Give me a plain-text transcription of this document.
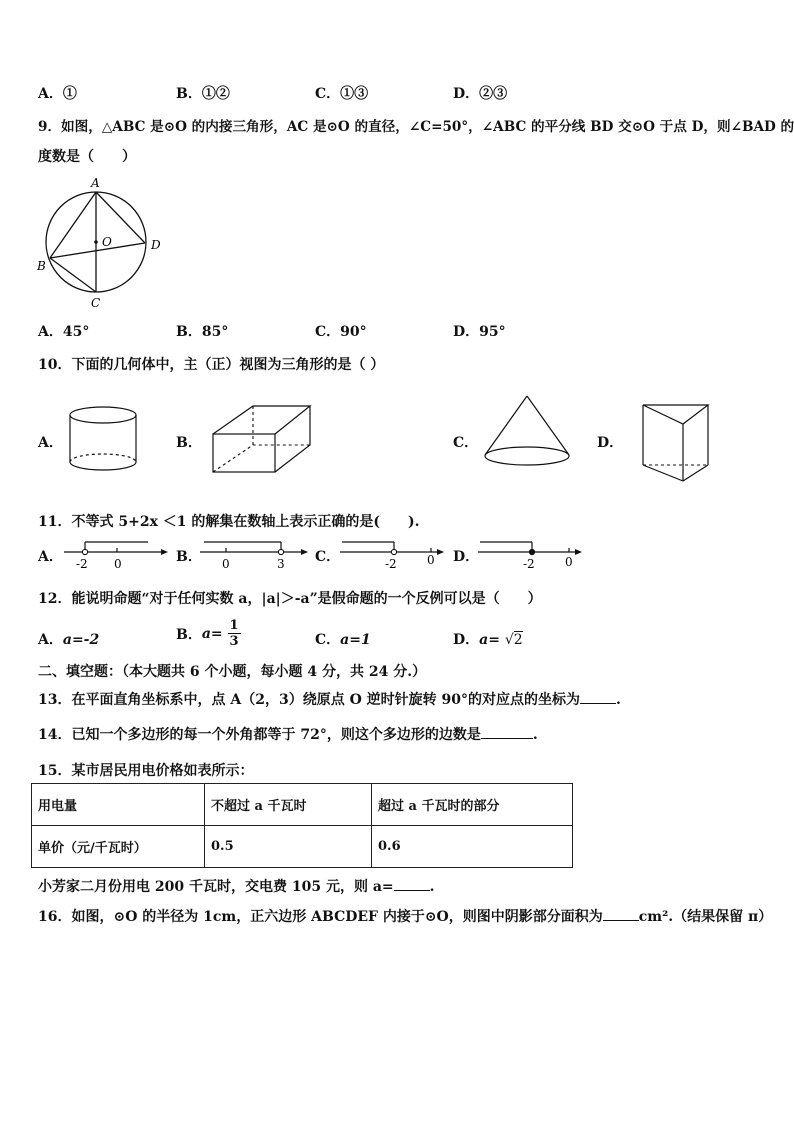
A．①	B．①②	C．①③	D．②③
9．如图，△ABC 是⊙O 的内接三角形，AC 是⊙O 的直径，∠C=50°，∠ABC 的平分线 BD 交⊙O 于点 D，则∠BAD 的
度数是（　　）
A
B
C
D
O
A．45°	B．85°	C．90°	D．95°
10．下面的几何体中，主（正）视图为三角形的是（ ）
A．	B．	C．	D．
11．不等式 5+2x ＜1 的解集在数轴上表示正确的是(　　).
A． -2 0	B． 0	3 C．	-2	0 D．	-2	0
12．能说明命题“对于任何实数 a，|a|＞-a”是假命题的一个反例可以是（　　）
A．a=-2	B．$a= \frac{1}{3}$	C．a=1	D．a= √2
二、填空题：（本大题共 6 个小题，每小题 4 分，共 24 分.）
13．在平面直角坐标系中，点 A（2，3）绕原点 O 逆时针旋转 90°的对应点的坐标为	.
14．已知一个多边形的每一个外角都等于 72°，则这个多边形的边数是	.
15．某市居民用电价格如表所示：
用电量	不超过 a 千瓦时	超过 a 千瓦时的部分
单价（元/千瓦时）	0.5	0.6
小芳家二月份用电 200 千瓦时，交电费 105 元，则 a=	.
16．如图，⊙O 的半径为 1cm，正六边形 ABCDEF 内接于⊙O，则图中阴影部分面积为	cm².（结果保留 π）
